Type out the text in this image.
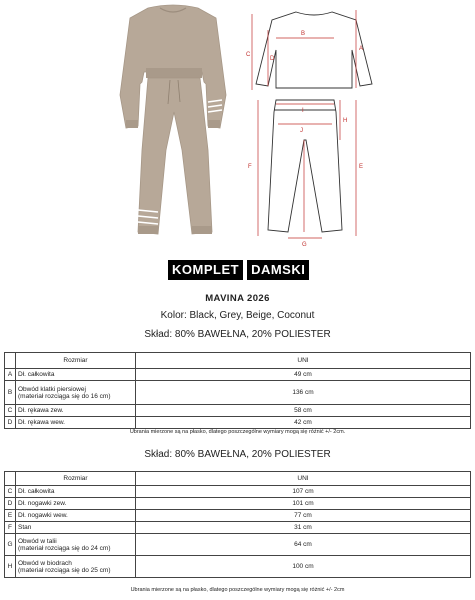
A
B
C
D
E
F
G
H
I
J
KOMPLET DAMSKI
MAVINA 2026
Kolor: Black, Grey, Beige, Coconut
Skład: 80% BAWEŁNA, 20% POLIESTER
	Rozmiar	UNI
A	Dł. całkowita	49 cm
B	Obwód klatki piersiowej
(materiał rozciąga się do 16 cm)	136 cm
C	Dł. rękawa zew.	58 cm
D	Dł. rękawa wew.	42 cm
Ubrania mierzone są na płasko, dlatego poszczególne wymiary mogą się różnić +/- 2cm.
Skład: 80% BAWEŁNA, 20% POLIESTER
	Rozmiar	UNI
C	Dł. całkowita	107 cm
D	Dł. nogawki zew.	101 cm
E	Dł. nogawki wew.	77 cm
F	Stan	31 cm
G	Obwód w talii
(materiał rozciąga się do 24 cm)	64 cm
H	Obwód w biodrach
(materiał rozciąga się do 25 cm)	100 cm
Ubrania mierzone są na płasko, dlatego poszczególne wymiary mogą się różnić +/- 2cm
